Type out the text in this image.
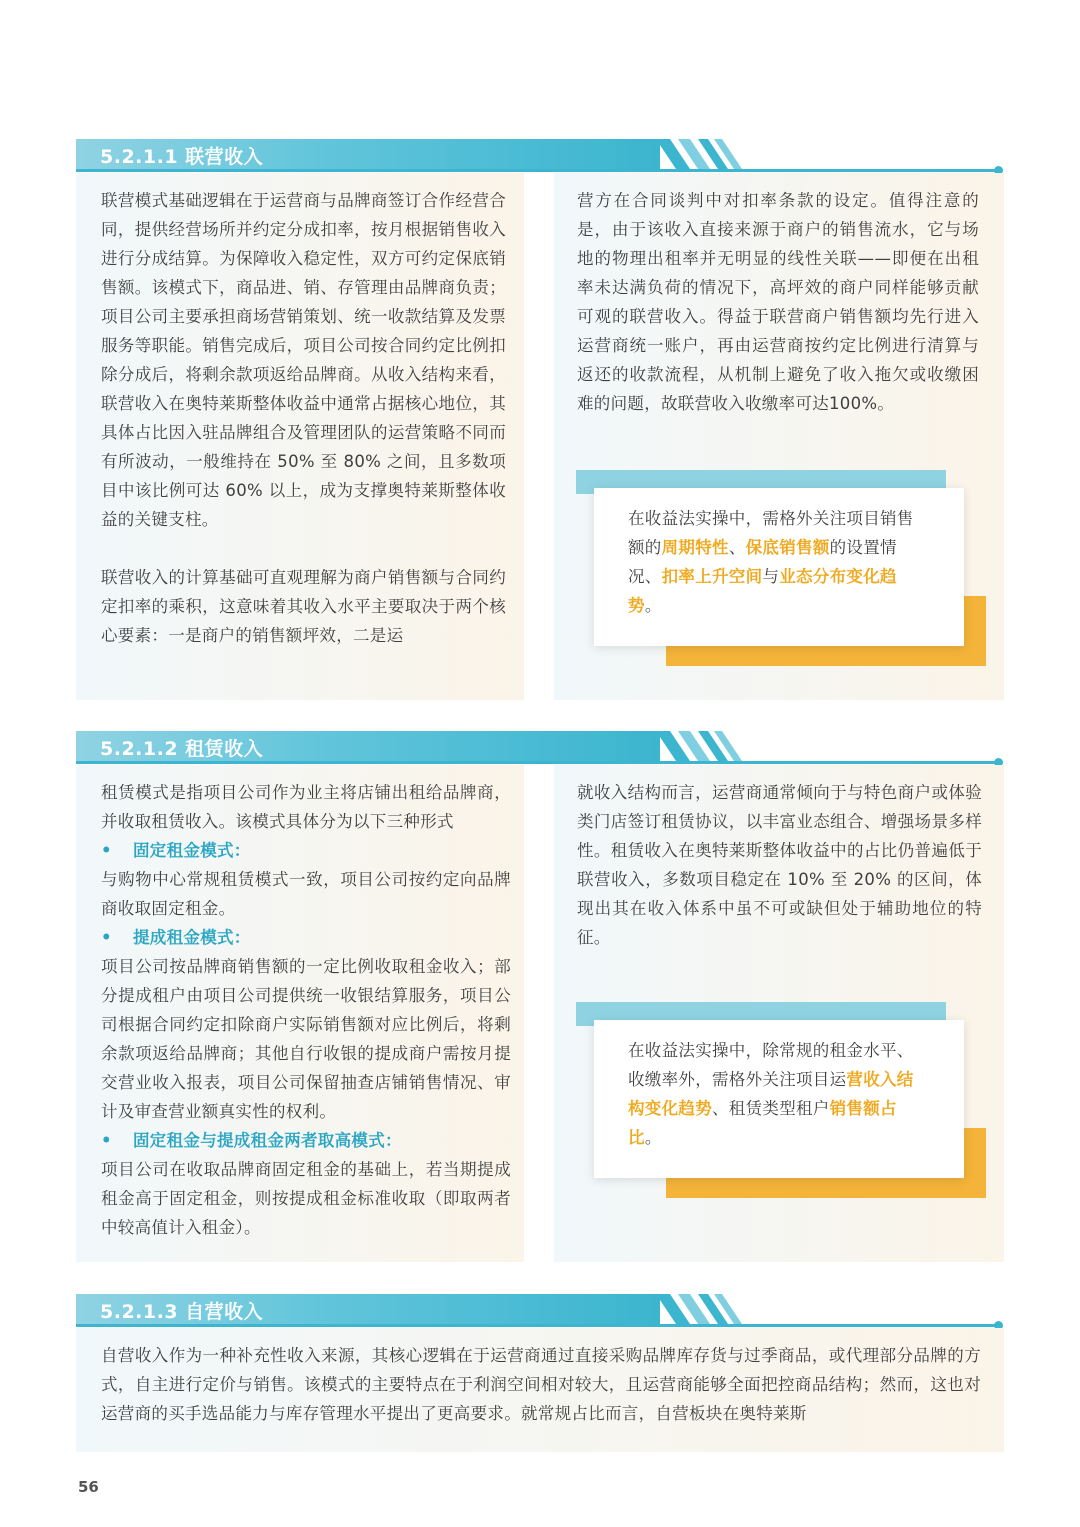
5.2.1.1 联营收入

联营模式基础逻辑在于运营商与品牌商签订合作经营合同，提供经营场所并约定分成扣率，按月根据销售收入进行分成结算。为保障收入稳定性，双方可约定保底销售额。该模式下，商品进、销、存管理由品牌商负责；项目公司主要承担商场营销策划、统一收款结算及发票服务等职能。销售完成后，项目公司按合同约定比例扣除分成后，将剩余款项返给品牌商。从收入结构来看，联营收入在奥特莱斯整体收益中通常占据核心地位，其具体占比因入驻品牌组合及管理团队的运营策略不同而有所波动，一般维持在 50% 至 80% 之间，且多数项目中该比例可达 60% 以上，成为支撑奥特莱斯整体收益的关键支柱。

联营收入的计算基础可直观理解为商户销售额与合同约定扣率的乘积，这意味着其收入水平主要取决于两个核心要素：一是商户的销售额坪效，二是运

营方在合同谈判中对扣率条款的设定。值得注意的是，由于该收入直接来源于商户的销售流水，它与场地的物理出租率并无明显的线性关联——即便在出租率未达满负荷的情况下，高坪效的商户同样能够贡献可观的联营收入。得益于联营商户销售额均先行进入运营商统一账户，再由运营商按约定比例进行清算与返还的收款流程，从机制上避免了收入拖欠或收缴困难的问题，故联营收入收缴率可达100%。

在收益法实操中，需格外关注项目销售额的周期特性、保底销售额的设置情况、扣率上升空间与业态分布变化趋势。
5.2.1.2 租赁收入

租赁模式是指项目公司作为业主将店铺出租给品牌商，并收取租赁收入。该模式具体分为以下三种形式

• 固定租金模式：

与购物中心常规租赁模式一致，项目公司按约定向品牌商收取固定租金。

• 提成租金模式：

项目公司按品牌商销售额的一定比例收取租金收入；部分提成租户由项目公司提供统一收银结算服务，项目公司根据合同约定扣除商户实际销售额对应比例后，将剩余款项返给品牌商；其他自行收银的提成商户需按月提交营业收入报表，项目公司保留抽查店铺销售情况、审计及审查营业额真实性的权利。

• 固定租金与提成租金两者取高模式：

项目公司在收取品牌商固定租金的基础上，若当期提成租金高于固定租金，则按提成租金标准收取（即取两者中较高值计入租金）。

就收入结构而言，运营商通常倾向于与特色商户或体验类门店签订租赁协议，以丰富业态组合、增强场景多样性。租赁收入在奥特莱斯整体收益中的占比仍普遍低于联营收入，多数项目稳定在 10% 至 20% 的区间，体现出其在收入体系中虽不可或缺但处于辅助地位的特征。

在收益法实操中，除常规的租金水平、收缴率外，需格外关注项目运营收入结构变化趋势、租赁类型租户销售额占比。
5.2.1.3 自营收入

自营收入作为一种补充性收入来源，其核心逻辑在于运营商通过直接采购品牌库存货与过季商品，或代理部分品牌的方式，自主进行定价与销售。该模式的主要特点在于利润空间相对较大，且运营商能够全面把控商品结构；然而，这也对运营商的买手选品能力与库存管理水平提出了更高要求。就常规占比而言，自营板块在奥特莱斯

56
